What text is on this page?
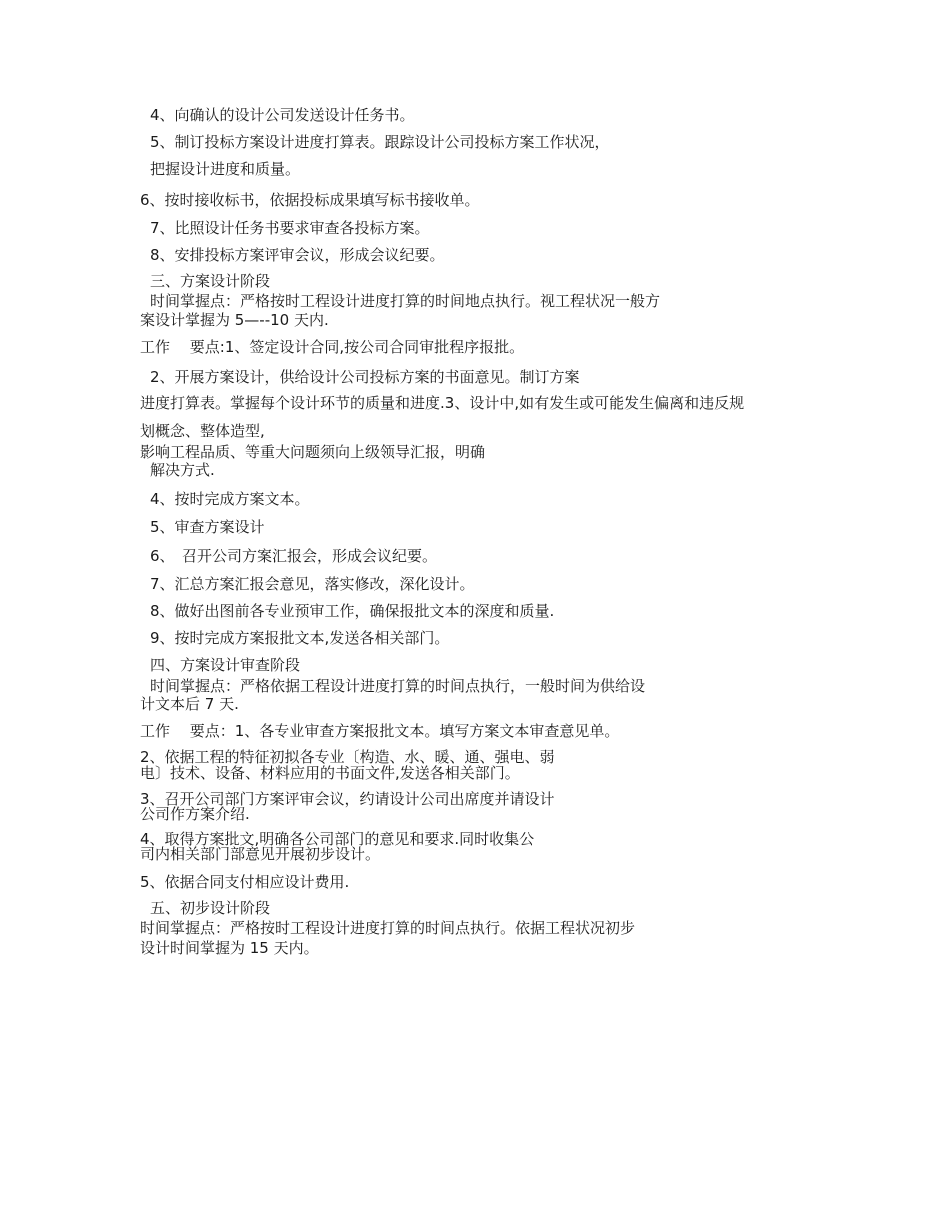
4、向确认的设计公司发送设计任务书。
5、制订投标方案设计进度打算表。跟踪设计公司投标方案工作状况，
把握设计进度和质量。
6、按时接收标书，依据投标成果填写标书接收单。
7、比照设计任务书要求审查各投标方案。
8、安排投标方案评审会议，形成会议纪要。
三、方案设计阶段
时间掌握点：严格按时工程设计进度打算的时间地点执行。视工程状况一般方
案设计掌握为 5—--10 天内.
工作　 要点:1、签定设计合同,按公司合同审批程序报批。
2、开展方案设计，供给设计公司投标方案的书面意见。制订方案
进度打算表。掌握每个设计环节的质量和进度.3、设计中,如有发生或可能发生偏离和违反规
划概念、整体造型,
影响工程品质、等重大问题须向上级领导汇报，明确
解决方式.
4、按时完成方案文本。
5、审查方案设计
6、　召开公司方案汇报会，形成会议纪要。
7、汇总方案汇报会意见，落实修改，深化设计。
8、做好出图前各专业预审工作，确保报批文本的深度和质量.
9、按时完成方案报批文本,发送各相关部门。
四、方案设计审查阶段
时间掌握点：严格依据工程设计进度打算的时间点执行，一般时间为供给设
计文本后 7 天.
工作　 要点：1、各专业审查方案报批文本。填写方案文本审查意见单。
2、依据工程的特征初拟各专业〔构造、水、暖、通、强电、弱
电〕技术、设备、材料应用的书面文件,发送各相关部门。
3、召开公司部门方案评审会议，约请设计公司出席度并请设计
公司作方案介绍.
4、取得方案批文,明确各公司部门的意见和要求.同时收集公
司内相关部门部意见开展初步设计。
5、依据合同支付相应设计费用.
五、初步设计阶段
时间掌握点：严格按时工程设计进度打算的时间点执行。依据工程状况初步
设计时间掌握为 15 天内。
